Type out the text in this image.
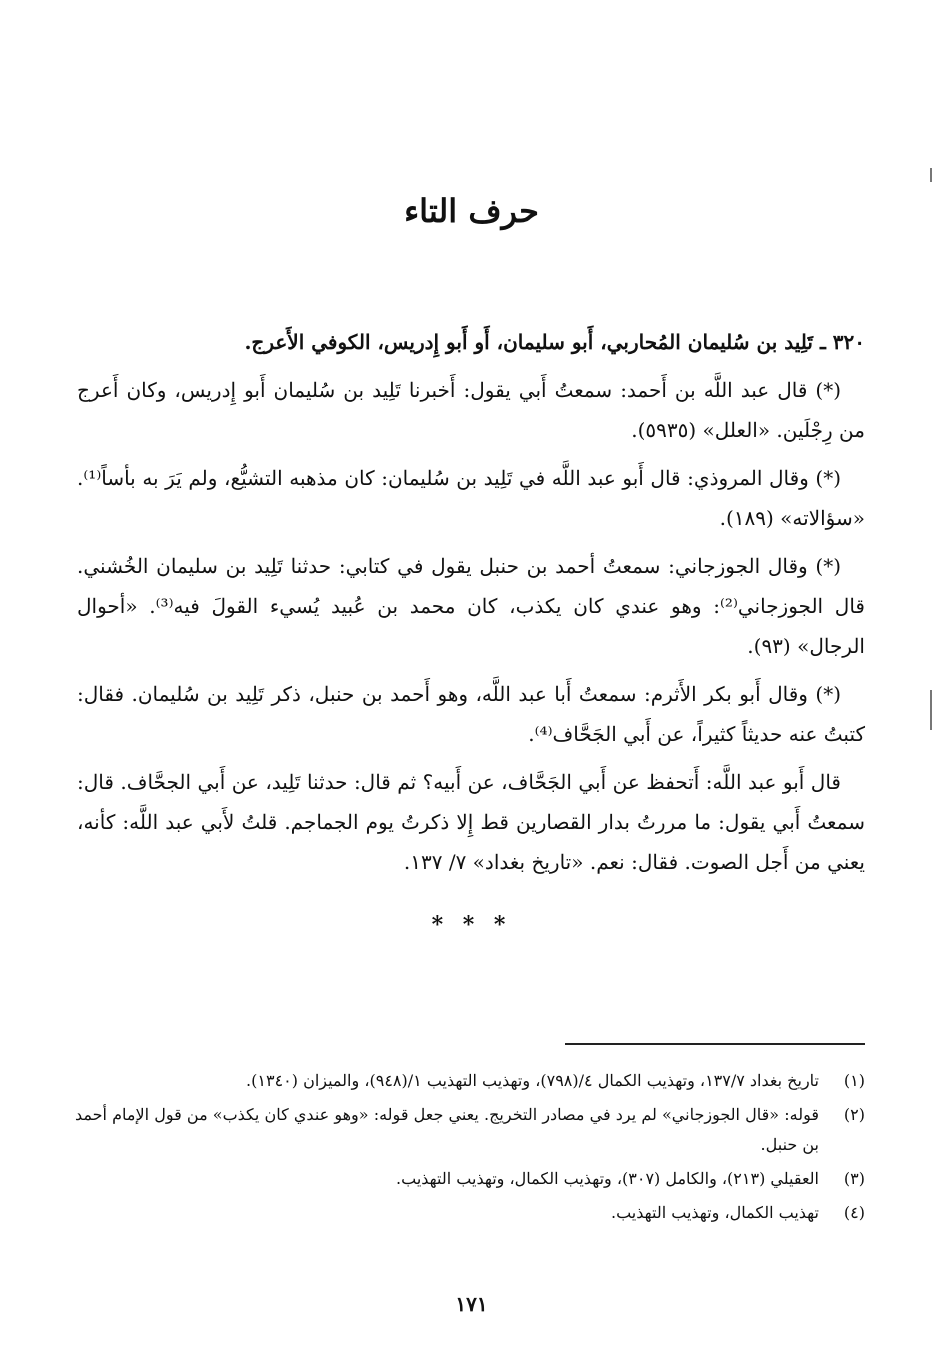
حرف التاء

٣٢٠ ـ تَلِيد بن سُليمان المُحاربي، أَبو سليمان، أَو أَبو إِدريس، الكوفي الأَعرج.

(*) قال عبد اللَّه بن أَحمد: سمعتُ أَبي يقول: أَخبرنا تَلِيد بن سُليمان أَبو إِدريس، وكان أَعرج من رِجْلَين. «العلل» (٥٩٣٥).

(*) وقال المروذي: قال أَبو عبد اللَّه في تَلِيد بن سُليمان: كان مذهبه التشيُّع، ولم يَرَ به بأساً⁽¹⁾. «سؤالاته» (١٨٩).

(*) وقال الجوزجاني: سمعتُ أحمد بن حنبل يقول في كتابي: حدثنا تَلِيد بن سليمان الخُشني. قال الجوزجاني⁽²⁾: وهو عندي كان يكذب، كان محمد بن عُبيد يُسيء القولَ فيه⁽³⁾. «أحوال الرجال» (٩٣).

(*) وقال أَبو بكر الأَثرم: سمعتُ أَبا عبد اللَّه، وهو أَحمد بن حنبل، ذكر تَلِيد بن سُليمان. فقال: كتبتُ عنه حديثاً كثيراً، عن أَبي الجَحَّاف⁽⁴⁾.

قال أَبو عبد اللَّه: أَتحفظ عن أَبي الجَحَّاف، عن أَبيه؟ ثم قال: حدثنا تَلِيد، عن أَبي الجحَّاف. قال: سمعتُ أَبي يقول: ما مررتُ بدار القصارين قط إِلا ذكرتُ يوم الجماجم. قلتُ لأَبي عبد اللَّه: كأنه، يعني من أَجل الصوت. فقال: نعم. «تاريخ بغداد» ٧/ ١٣٧.

* * *
(١)
تاريخ بغداد ١٣٧/٧، وتهذيب الكمال ٤/(٧٩٨)، وتهذيب التهذيب ١/(٩٤٨)، والميزان (١٣٤٠).
(٢)
قوله: «قال الجوزجاني» لم يرد في مصادر التخريج. يعني جعل قوله: «وهو عندي كان يكذب» من قول الإمام أحمد بن حنبل.
(٣)
العقيلي (٢١٣)، والكامل (٣٠٧)، وتهذيب الكمال، وتهذيب التهذيب.
(٤)
تهذيب الكمال، وتهذيب التهذيب.
١٧١
